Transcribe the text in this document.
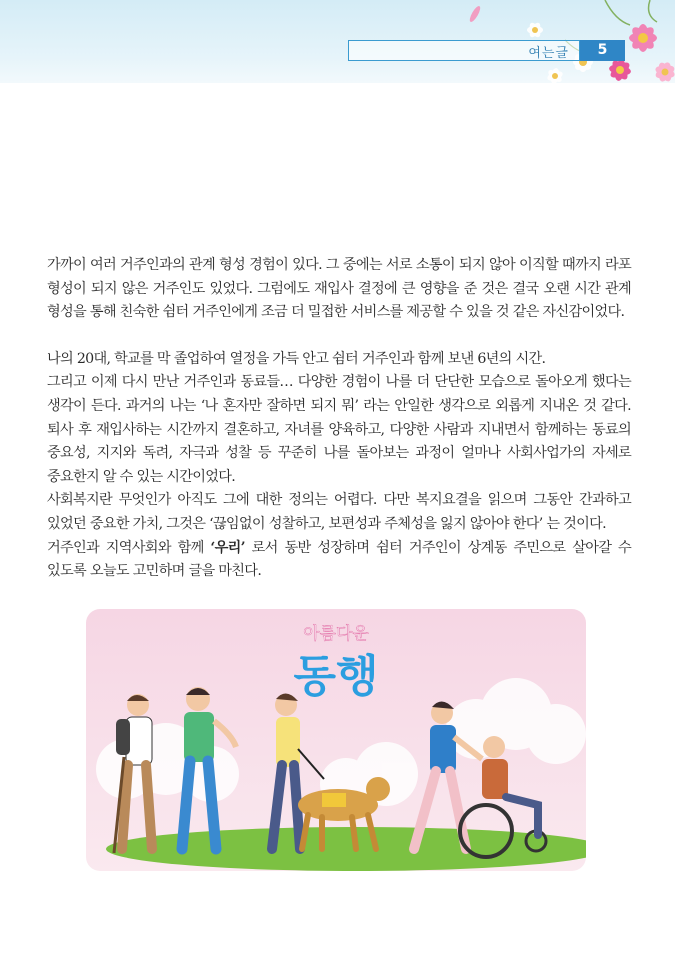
여는글	5

가까이 여러 거주인과의 관계 형성 경험이 있다. 그 중에는 서로 소통이 되지 않아 이직할 때까지 라포 형성이 되지 않은 거주인도 있었다. 그럼에도 재입사 결정에 큰 영향을 준 것은 결국 오랜 시간 관계 형성을 통해 친숙한 쉼터 거주인에게 조금 더 밀접한 서비스를 제공할 수 있을 것 같은 자신감이었다.

나의 20대, 학교를 막 졸업하여 열정을 가득 안고 쉼터 거주인과 함께 보낸 6년의 시간.

그리고 이제 다시 만난 거주인과 동료들… 다양한 경험이 나를 더 단단한 모습으로 돌아오게 했다는 생각이 든다. 과거의 나는 ‘나 혼자만 잘하면 되지 뭐’ 라는 안일한 생각으로 외롭게 지내온 것 같다. 퇴사 후 재입사하는 시간까지 결혼하고, 자녀를 양육하고, 다양한 사람과 지내면서 함께하는 동료의 중요성, 지지와 독려, 자극과 성찰 등 꾸준히 나를 돌아보는 과정이 얼마나 사회사업가의 자세로 중요한지 알 수 있는 시간이었다.

사회복지란 무엇인가 아직도 그에 대한 정의는 어렵다. 다만 복지요결을 읽으며 그동안 간과하고 있었던 중요한 가치, 그것은 ‘끊임없이 성찰하고, 보편성과 주체성을 잃지 않아야 한다’ 는 것이다.

거주인과 지역사회와 함께 ‘우리’ 로서 동반 성장하며 쉼터 거주인이 상계동 주민으로 살아갈 수 있도록 오늘도 고민하며 글을 마친다.

아름다운
동행
